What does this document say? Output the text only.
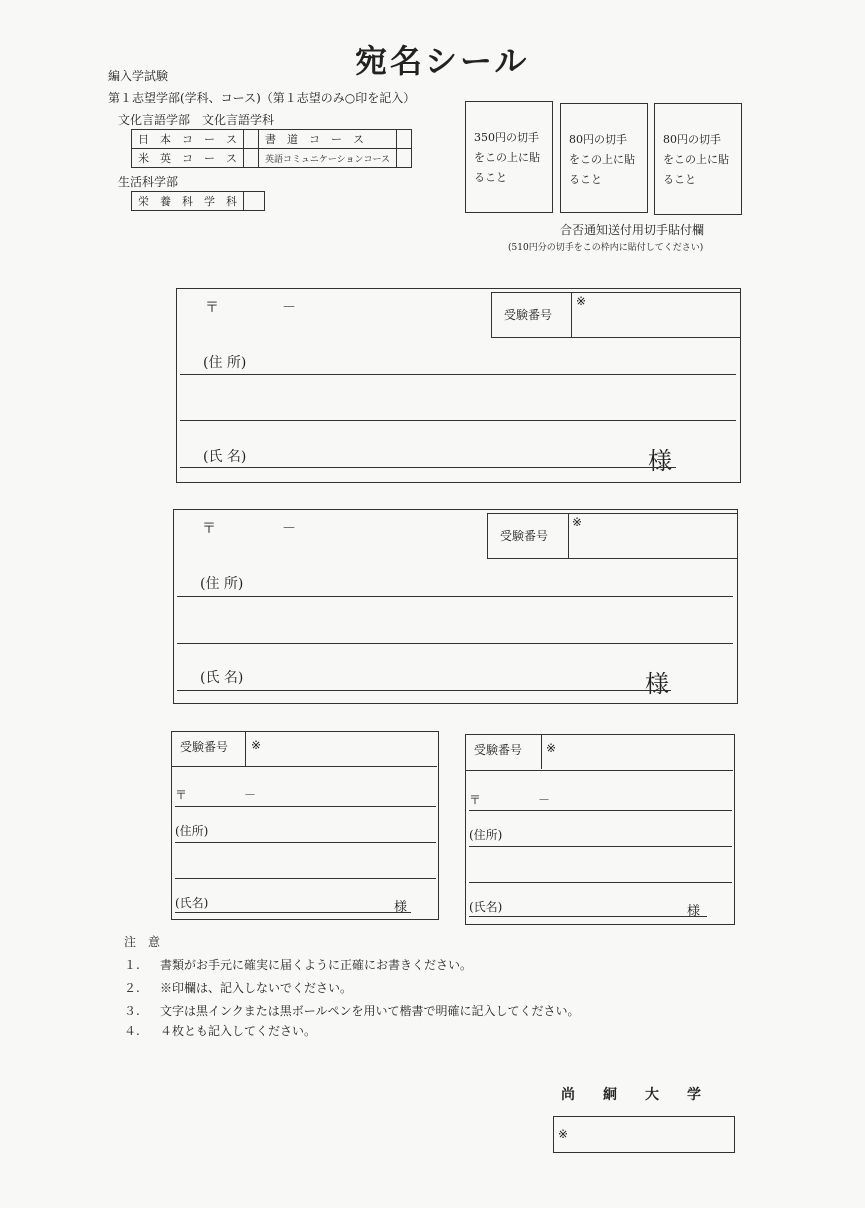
宛名シール
編入学試験
第１志望学部(学科、コース)（第１志望のみ○印を記入）
文化言語学部　文化言語学科
日　本　コ　ー　ス		書　道　コ　ー　ス	
米　英　コ　ー　ス		英語コミュニケーションコース	
生活科学部
栄　養　科　学　科	
350円の切手
をこの上に貼
ること
80円の切手
をこの上に貼
ること
80円の切手
をこの上に貼
ること
合否通知送付用切手貼付欄
(510円分の切手をこの枠内に貼付してください)
〒	－	受験番号
※
(住 所)
(氏 名)	様
〒	－	受験番号
※
(住 所)
(氏 名)	様
受験番号 ※
〒	－
(住所)
(氏名)	様
受験番号 ※
〒	－
(住所)
(氏名)	様
注　意
１. 書類がお手元に確実に届くように正確にお書きください。
２. ※印欄は、記入しないでください。
３. 文字は黒インクまたは黒ボールペンを用いて楷書で明確に記入してください。
４. ４枚とも記入してください。
尚　　絅　　大　　学
※
